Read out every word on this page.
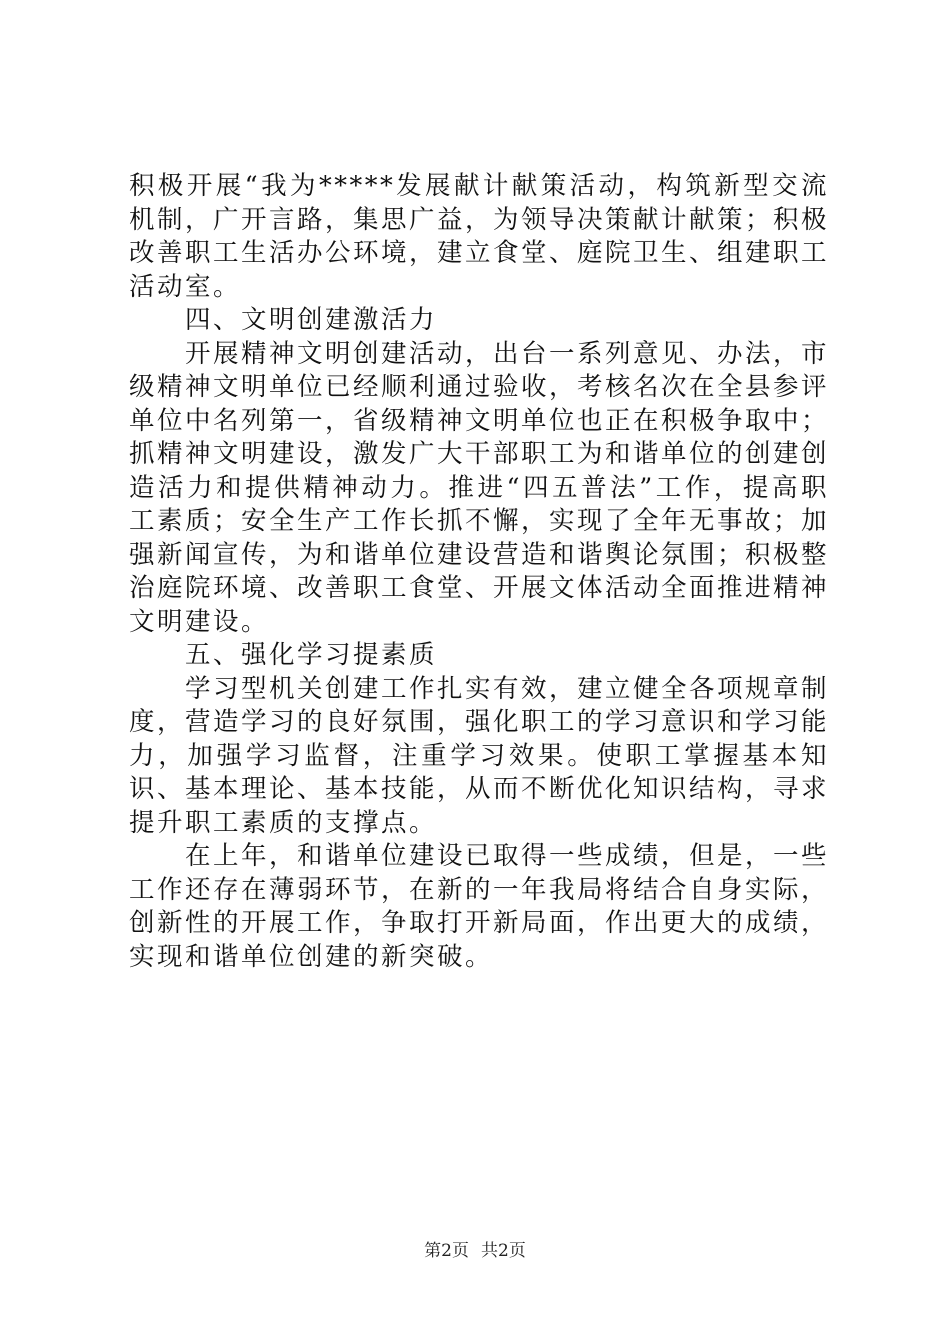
积极开展“我为*****发展献计献策活动，构筑新型交流机制，广开言路，集思广益，为领导决策献计献策；积极改善职工生活办公环境，建立食堂、庭院卫生、组建职工活动室。

四、文明创建激活力

开展精神文明创建活动，出台一系列意见、办法，市级精神文明单位已经顺利通过验收，考核名次在全县参评单位中名列第一，省级精神文明单位也正在积极争取中；抓精神文明建设，激发广大干部职工为和谐单位的创建创造活力和提供精神动力。推进“四五普法”工作，提高职工素质；安全生产工作长抓不懈，实现了全年无事故；加强新闻宣传，为和谐单位建设营造和谐舆论氛围；积极整治庭院环境、改善职工食堂、开展文体活动全面推进精神文明建设。

五、强化学习提素质

学习型机关创建工作扎实有效，建立健全各项规章制度，营造学习的良好氛围，强化职工的学习意识和学习能力，加强学习监督，注重学习效果。使职工掌握基本知识、基本理论、基本技能，从而不断优化知识结构，寻求提升职工素质的支撑点。

在上年，和谐单位建设已取得一些成绩，但是，一些工作还存在薄弱环节，在新的一年我局将结合自身实际，创新性的开展工作，争取打开新局面，作出更大的成绩，实现和谐单位创建的新突破。

第2页 共2页
